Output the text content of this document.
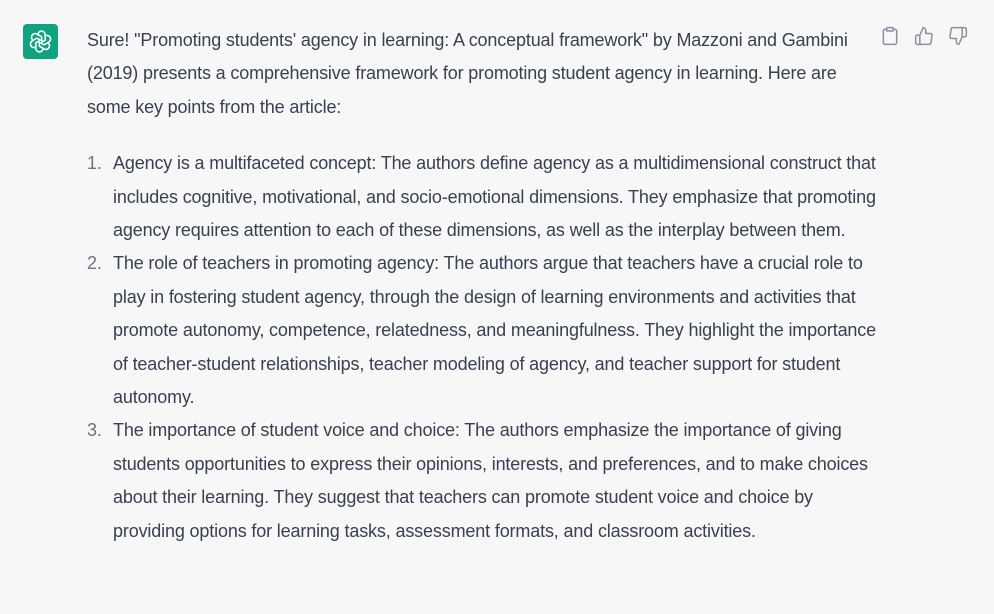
Sure! "Promoting students' agency in learning: A conceptual framework" by Mazzoni and Gambini (2019) presents a comprehensive framework for promoting student agency in learning. Here are some key points from the article:

1. Agency is a multifaceted concept: The authors define agency as a multidimensional construct that includes cognitive, motivational, and socio-emotional dimensions. They emphasize that promoting agency requires attention to each of these dimensions, as well as the interplay between them.
2. The role of teachers in promoting agency: The authors argue that teachers have a crucial role to play in fostering student agency, through the design of learning environments and activities that promote autonomy, competence, relatedness, and meaningfulness. They highlight the importance of teacher-student relationships, teacher modeling of agency, and teacher support for student autonomy.
3. The importance of student voice and choice: The authors emphasize the importance of giving students opportunities to express their opinions, interests, and preferences, and to make choices about their learning. They suggest that teachers can promote student voice and choice by providing options for learning tasks, assessment formats, and classroom activities.
